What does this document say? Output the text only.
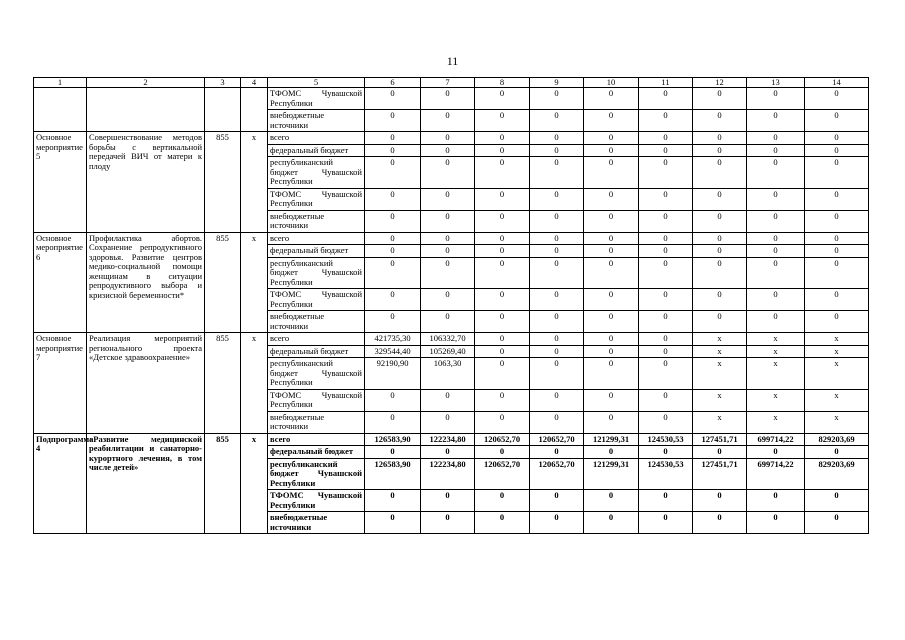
11
1	2	3	4	5	6	7	8	9	10	11	12	13	14
				ТФОМС Чувашской Республики	0	0	0	0	0	0	0	0	0
				внебюджетные источники	0	0	0	0	0	0	0	0	0
Основное мероприятие 5	Совершенствование методов борьбы с вертикальной передачей ВИЧ от матери к плоду	855	х	всего	0	0	0	0	0	0	0	0	0
				федеральный бюджет	0	0	0	0	0	0	0	0	0
				республиканский бюджет Чувашской Республики	0	0	0	0	0	0	0	0	0
				ТФОМС Чувашской Республики	0	0	0	0	0	0	0	0	0
				внебюджетные источники	0	0	0	0	0	0	0	0	0
Основное мероприятие 6	Профилактика абортов. Сохранение репродуктивного здоровья. Развитие центров медико-социальной помощи женщинам в ситуации репродуктивного выбора и кризисной беременности*	855	х	всего	0	0	0	0	0	0	0	0	0
				федеральный бюджет	0	0	0	0	0	0	0	0	0
				республиканский бюджет Чувашской Республики	0	0	0	0	0	0	0	0	0
				ТФОМС Чувашской Республики	0	0	0	0	0	0	0	0	0
				внебюджетные источники	0	0	0	0	0	0	0	0	0
Основное мероприятие 7	Реализация мероприятий регионального проекта «Детское здравоохранение»	855	х	всего	421735,30	106332,70	0	0	0	0	х	х	х
				федеральный бюджет	329544,40	105269,40	0	0	0	0	х	х	х
				республиканский бюджет Чувашской Республики	92190,90	1063,30	0	0	0	0	х	х	х
				ТФОМС Чувашской Республики	0	0	0	0	0	0	х	х	х
				внебюджетные источники	0	0	0	0	0	0	х	х	х
Подпрограмма 4	«Развитие медицинской реабилитации и санаторно-курортного лечения, в том числе детей»	855	х	всего	126583,90	122234,80	120652,70	120652,70	121299,31	124530,53	127451,71	699714,22	829203,69
				федеральный бюджет	0	0	0	0	0	0	0	0	0
				республиканский бюджет Чувашской Республики	126583,90	122234,80	120652,70	120652,70	121299,31	124530,53	127451,71	699714,22	829203,69
				ТФОМС Чувашской Республики	0	0	0	0	0	0	0	0	0
				внебюджетные источники	0	0	0	0	0	0	0	0	0
